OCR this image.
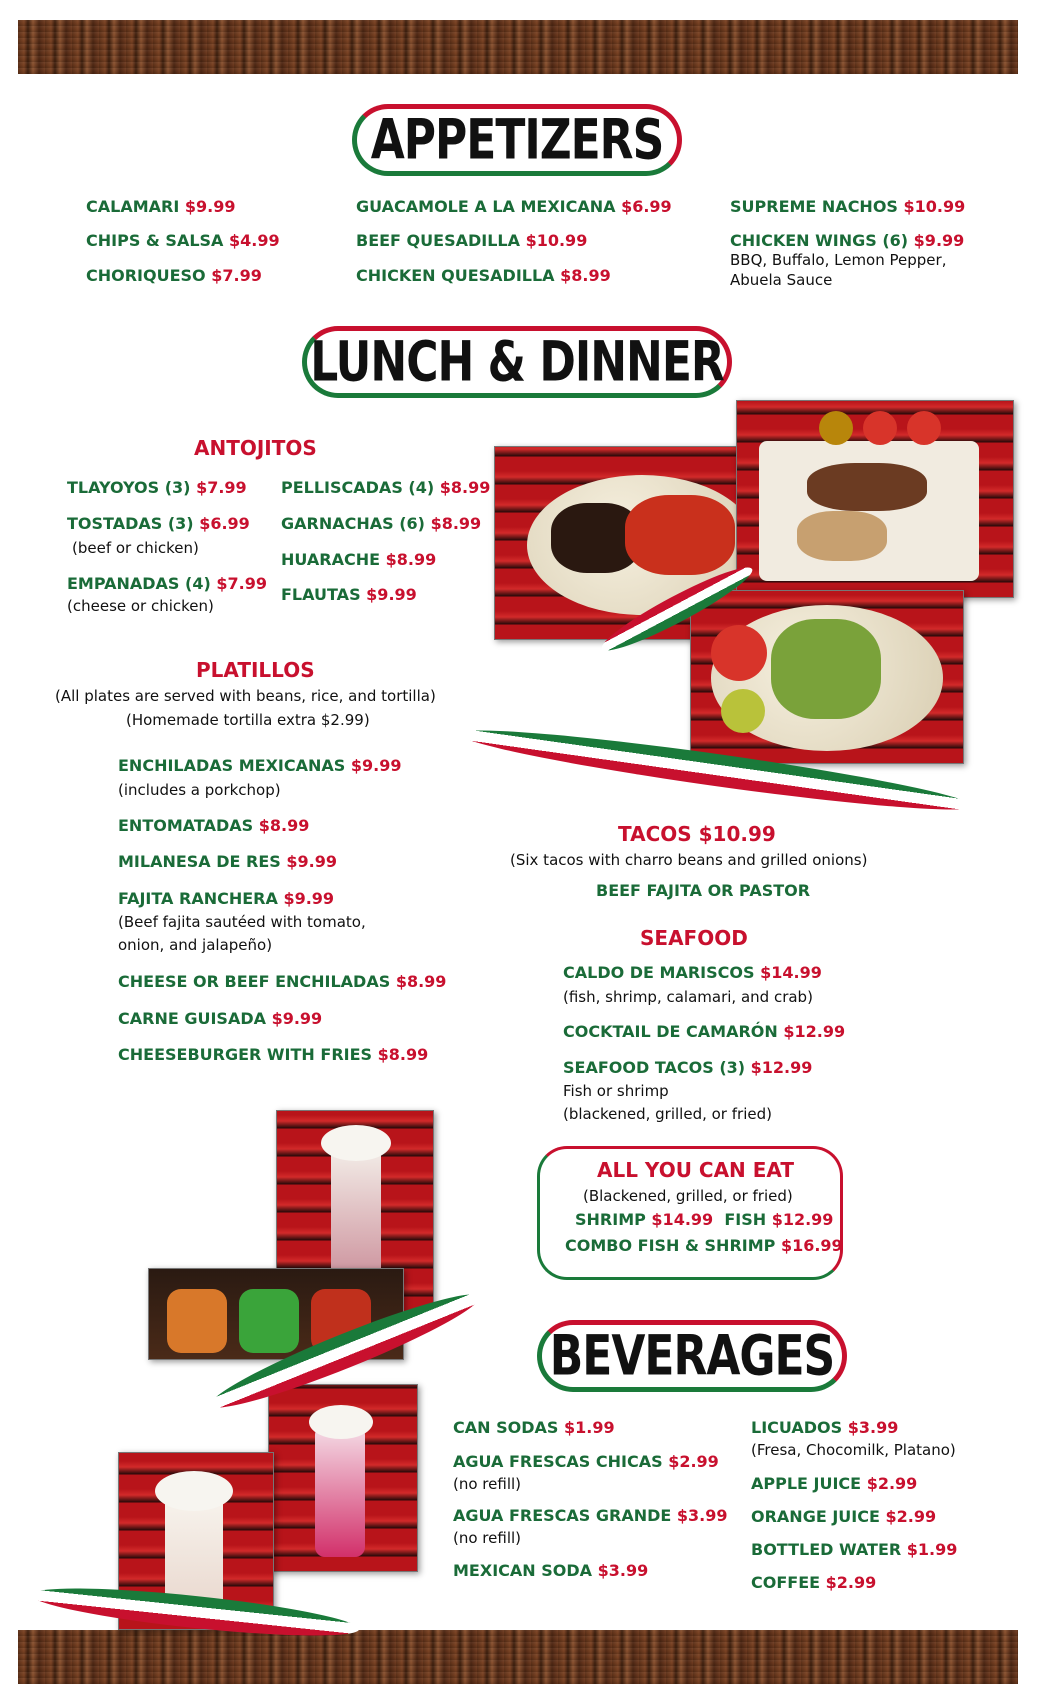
APPETIZERS
CALAMARI $9.99
CHIPS & SALSA $4.99
CHORIQUESO $7.99
GUACAMOLE A LA MEXICANA $6.99
BEEF QUESADILLA $10.99
CHICKEN QUESADILLA $8.99
SUPREME NACHOS $10.99
CHICKEN WINGS (6) $9.99
BBQ, Buffalo, Lemon Pepper,
Abuela Sauce
LUNCH & DINNER
ANTOJITOS
TLAYOYOS (3) $7.99
TOSTADAS (3) $6.99
(beef or chicken)
EMPANADAS (4) $7.99
(cheese or chicken)
PELLISCADAS (4) $8.99
GARNACHAS (6) $8.99
HUARACHE $8.99
FLAUTAS $9.99
PLATILLOS
(All plates are served with beans, rice, and tortilla)
(Homemade tortilla extra $2.99)
ENCHILADAS MEXICANAS $9.99
(includes a porkchop)
ENTOMATADAS $8.99
MILANESA DE RES $9.99
FAJITA RANCHERA $9.99
(Beef fajita sautéed with tomato,
onion, and jalapeño)
CHEESE OR BEEF ENCHILADAS $8.99
CARNE GUISADA $9.99
CHEESEBURGER WITH FRIES $8.99
TACOS $10.99
(Six tacos with charro beans and grilled onions)
BEEF FAJITA OR PASTOR
SEAFOOD
CALDO DE MARISCOS $14.99
(fish, shrimp, calamari, and crab)
COCKTAIL DE CAMARÓN $12.99
SEAFOOD TACOS (3) $12.99
Fish or shrimp
(blackened, grilled, or fried)
ALL YOU CAN EAT
(Blackened, grilled, or fried)
SHRIMP $14.99 FISH $12.99
COMBO FISH & SHRIMP $16.99
BEVERAGES
CAN SODAS $1.99
AGUA FRESCAS CHICAS $2.99
(no refill)
AGUA FRESCAS GRANDE $3.99
(no refill)
MEXICAN SODA $3.99
LICUADOS $3.99
(Fresa, Chocomilk, Platano)
APPLE JUICE $2.99
ORANGE JUICE $2.99
BOTTLED WATER $1.99
COFFEE $2.99
